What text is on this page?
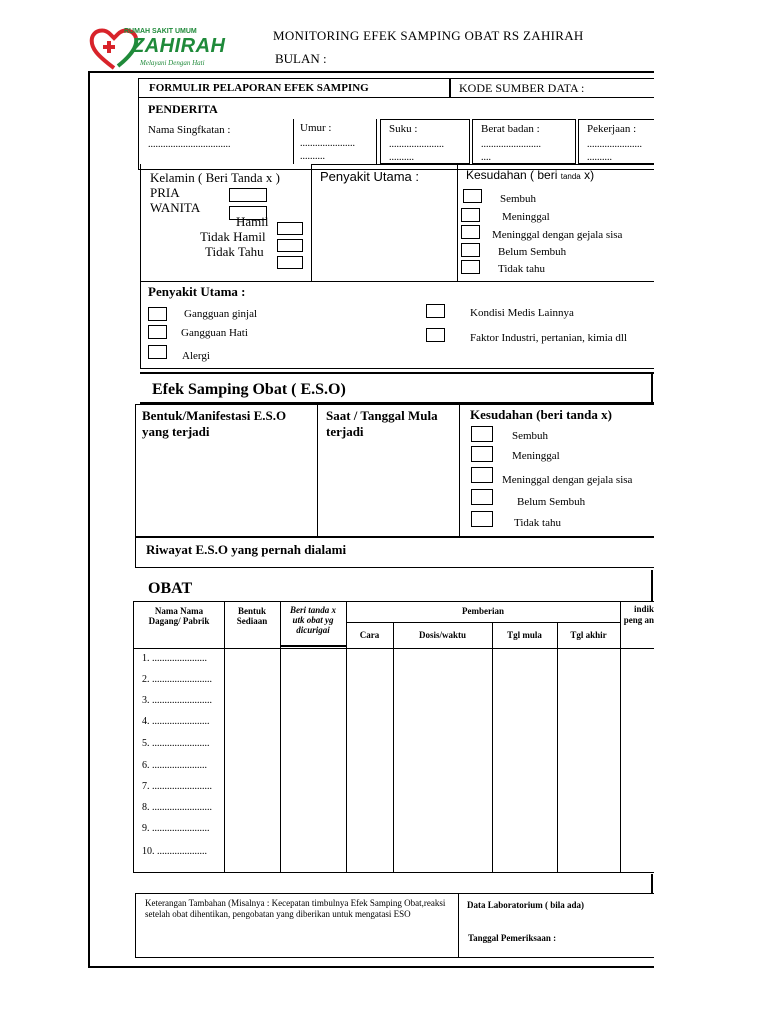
RUMAH SAKIT UMUM
ZAHIRAH
Melayani Dengan Hati
MONITORING EFEK SAMPING OBAT RS ZAHIRAH
BULAN :
FORMULIR PELAPORAN EFEK SAMPING	KODE SUMBER DATA :
PENDERITA
Nama Singfkatan :
.................................
Umur :
......................
..........
Suku :
......................
..........
Berat badan :
........................
....
Pekerjaan :
......................
..........
Kelamin ( Beri Tanda x )
PRIA
WANITA
Hamil
Tidak Hamil
Tidak Tahu
Penyakit Utama :	Kesudahan ( beri tanda x)
Sembuh
Meninggal
Meninggal dengan gejala sisa
Belum Sembuh
Tidak tahu
Penyakit Utama :
Gangguan ginjal
Gangguan Hati
Alergi
Kondisi Medis Lainnya
Faktor Industri, pertanian, kimia dll
Efek Samping Obat ( E.S.O)
Bentuk/Manifestasi E.S.O yang terjadi
Saat / Tanggal Mula terjadi
Kesudahan (beri tanda x)
Sembuh
Meninggal
Meninggal dengan gejala sisa
Belum Sembuh
Tidak tahu
Riwayat E.S.O yang pernah dialami
OBAT
Nama Nama Dagang/ Pabrik
Bentuk Sediaan
Beri tanda x utk obat yg dicurigai
Pemberian
Cara	Dosis/waktu	Tgl mula	Tgl akhir
indik peng an
1. ......................
2. ........................
3. ........................
4. .......................
5. .......................
6. ......................
7. ........................
8. ........................
9. .......................
10. ....................
Keterangan Tambahan (Misalnya : Kecepatan timbulnya Efek Samping Obat,reaksi setelah obat dihentikan, pengobatan yang diberikan untuk mengatasi ESO
Data Laboratorium ( bila ada)
Tanggal Pemeriksaan :
